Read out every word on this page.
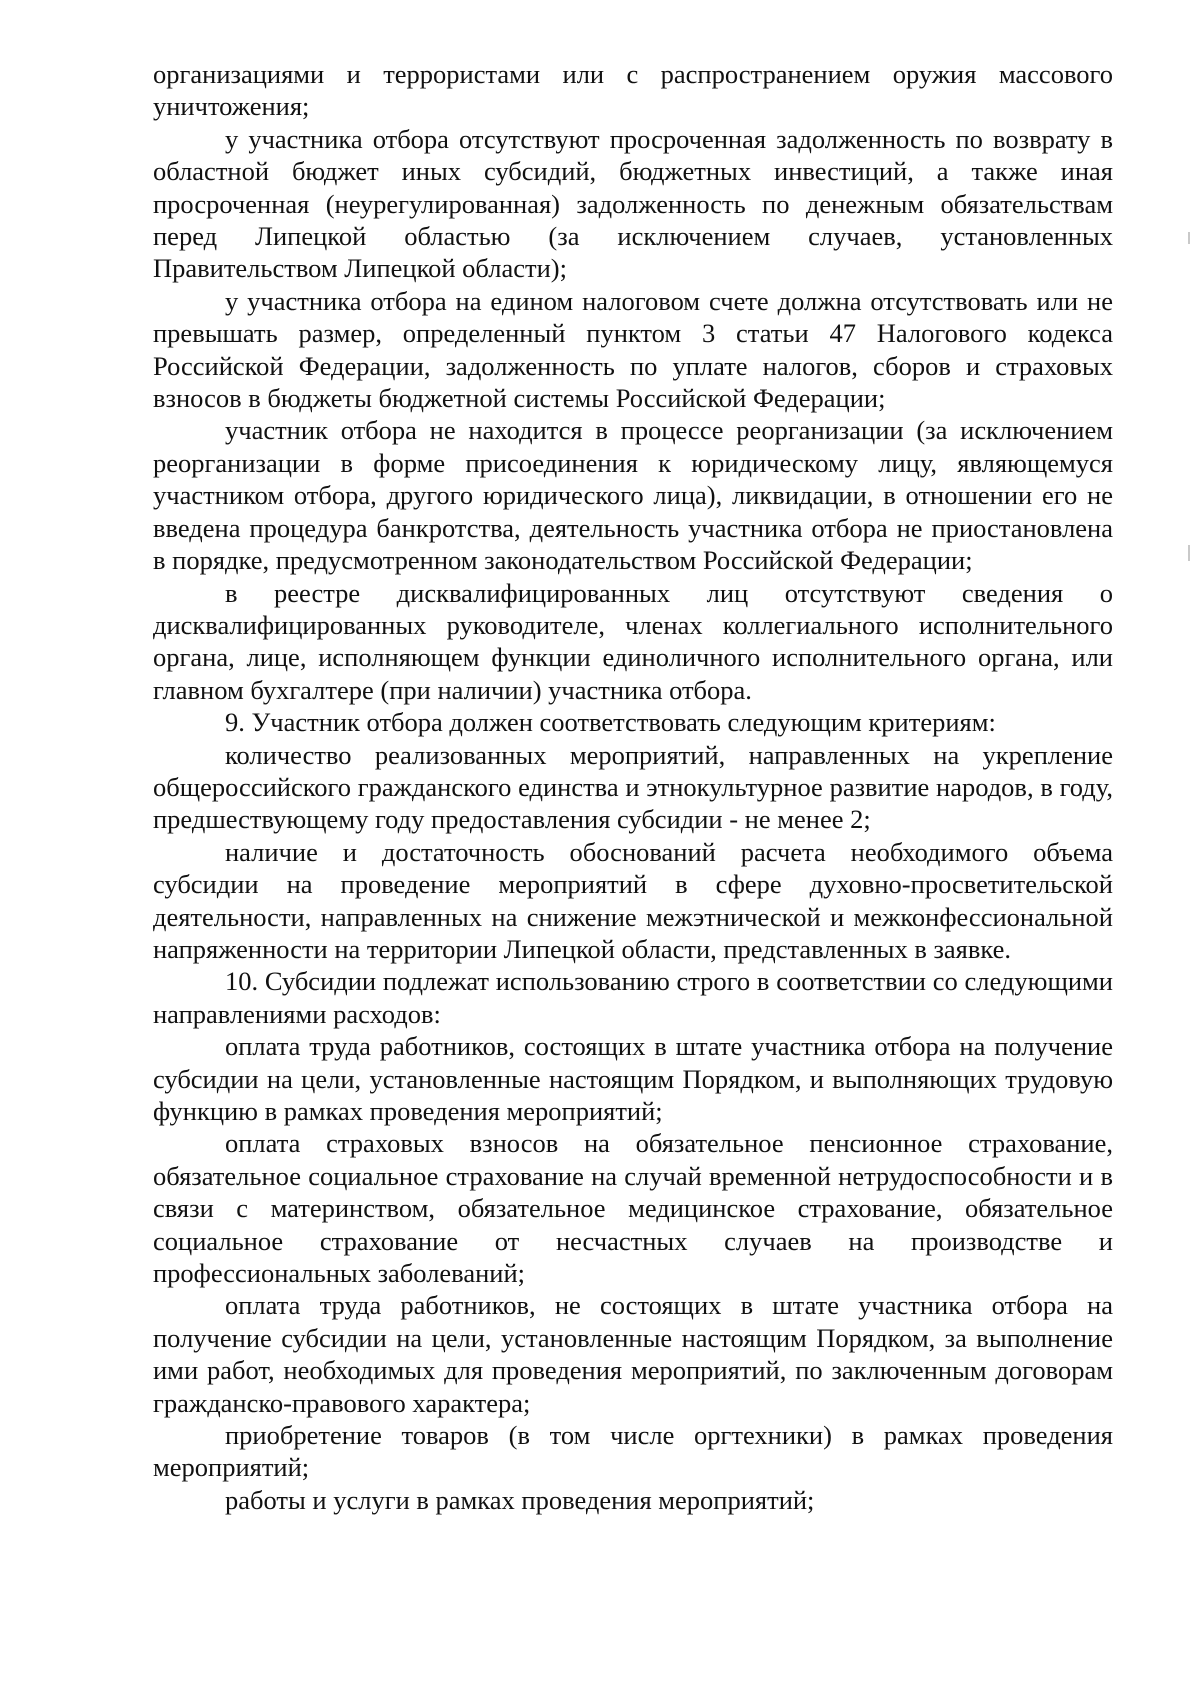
организациями и террористами или с распространением оружия массового уничтожения;

у участника отбора отсутствуют просроченная задолженность по возврату в областной бюджет иных субсидий, бюджетных инвестиций, а также иная просроченная (неурегулированная) задолженность по денежным обязательствам перед Липецкой областью (за исключением случаев, установленных Правительством Липецкой области);

у участника отбора на едином налоговом счете должна отсутствовать или не превышать размер, определенный пунктом 3 статьи 47 Налогового кодекса Российской Федерации, задолженность по уплате налогов, сборов и страховых взносов в бюджеты бюджетной системы Российской Федерации;

участник отбора не находится в процессе реорганизации (за исключением реорганизации в форме присоединения к юридическому лицу, являющемуся участником отбора, другого юридического лица), ликвидации, в отношении его не введена процедура банкротства, деятельность участника отбора не приостановлена в порядке, предусмотренном законодательством Российской Федерации;

в реестре дисквалифицированных лиц отсутствуют сведения о дисквалифицированных руководителе, членах коллегиального исполнительного органа, лице, исполняющем функции единоличного исполнительного органа, или главном бухгалтере (при наличии) участника отбора.

9. Участник отбора должен соответствовать следующим критериям:

количество реализованных мероприятий, направленных на укрепление общероссийского гражданского единства и этнокультурное развитие народов, в году, предшествующему году предоставления субсидии - не менее 2;

наличие и достаточность обоснований расчета необходимого объема субсидии на проведение мероприятий в сфере духовно-просветительской деятельности, направленных на снижение межэтнической и межконфессиональной напряженности на территории Липецкой области, представленных в заявке.

10. Субсидии подлежат использованию строго в соответствии со следующими направлениями расходов:

оплата труда работников, состоящих в штате участника отбора на получение субсидии на цели, установленные настоящим Порядком, и выполняющих трудовую функцию в рамках проведения мероприятий;

оплата страховых взносов на обязательное пенсионное страхование, обязательное социальное страхование на случай временной нетрудоспособности и в связи с материнством, обязательное медицинское страхование, обязательное социальное страхование от несчастных случаев на производстве и профессиональных заболеваний;

оплата труда работников, не состоящих в штате участника отбора на получение субсидии на цели, установленные настоящим Порядком, за выполнение ими работ, необходимых для проведения мероприятий, по заключенным договорам гражданско-правового характера;

приобретение товаров (в том числе оргтехники) в рамках проведения мероприятий;

работы и услуги в рамках проведения мероприятий;
